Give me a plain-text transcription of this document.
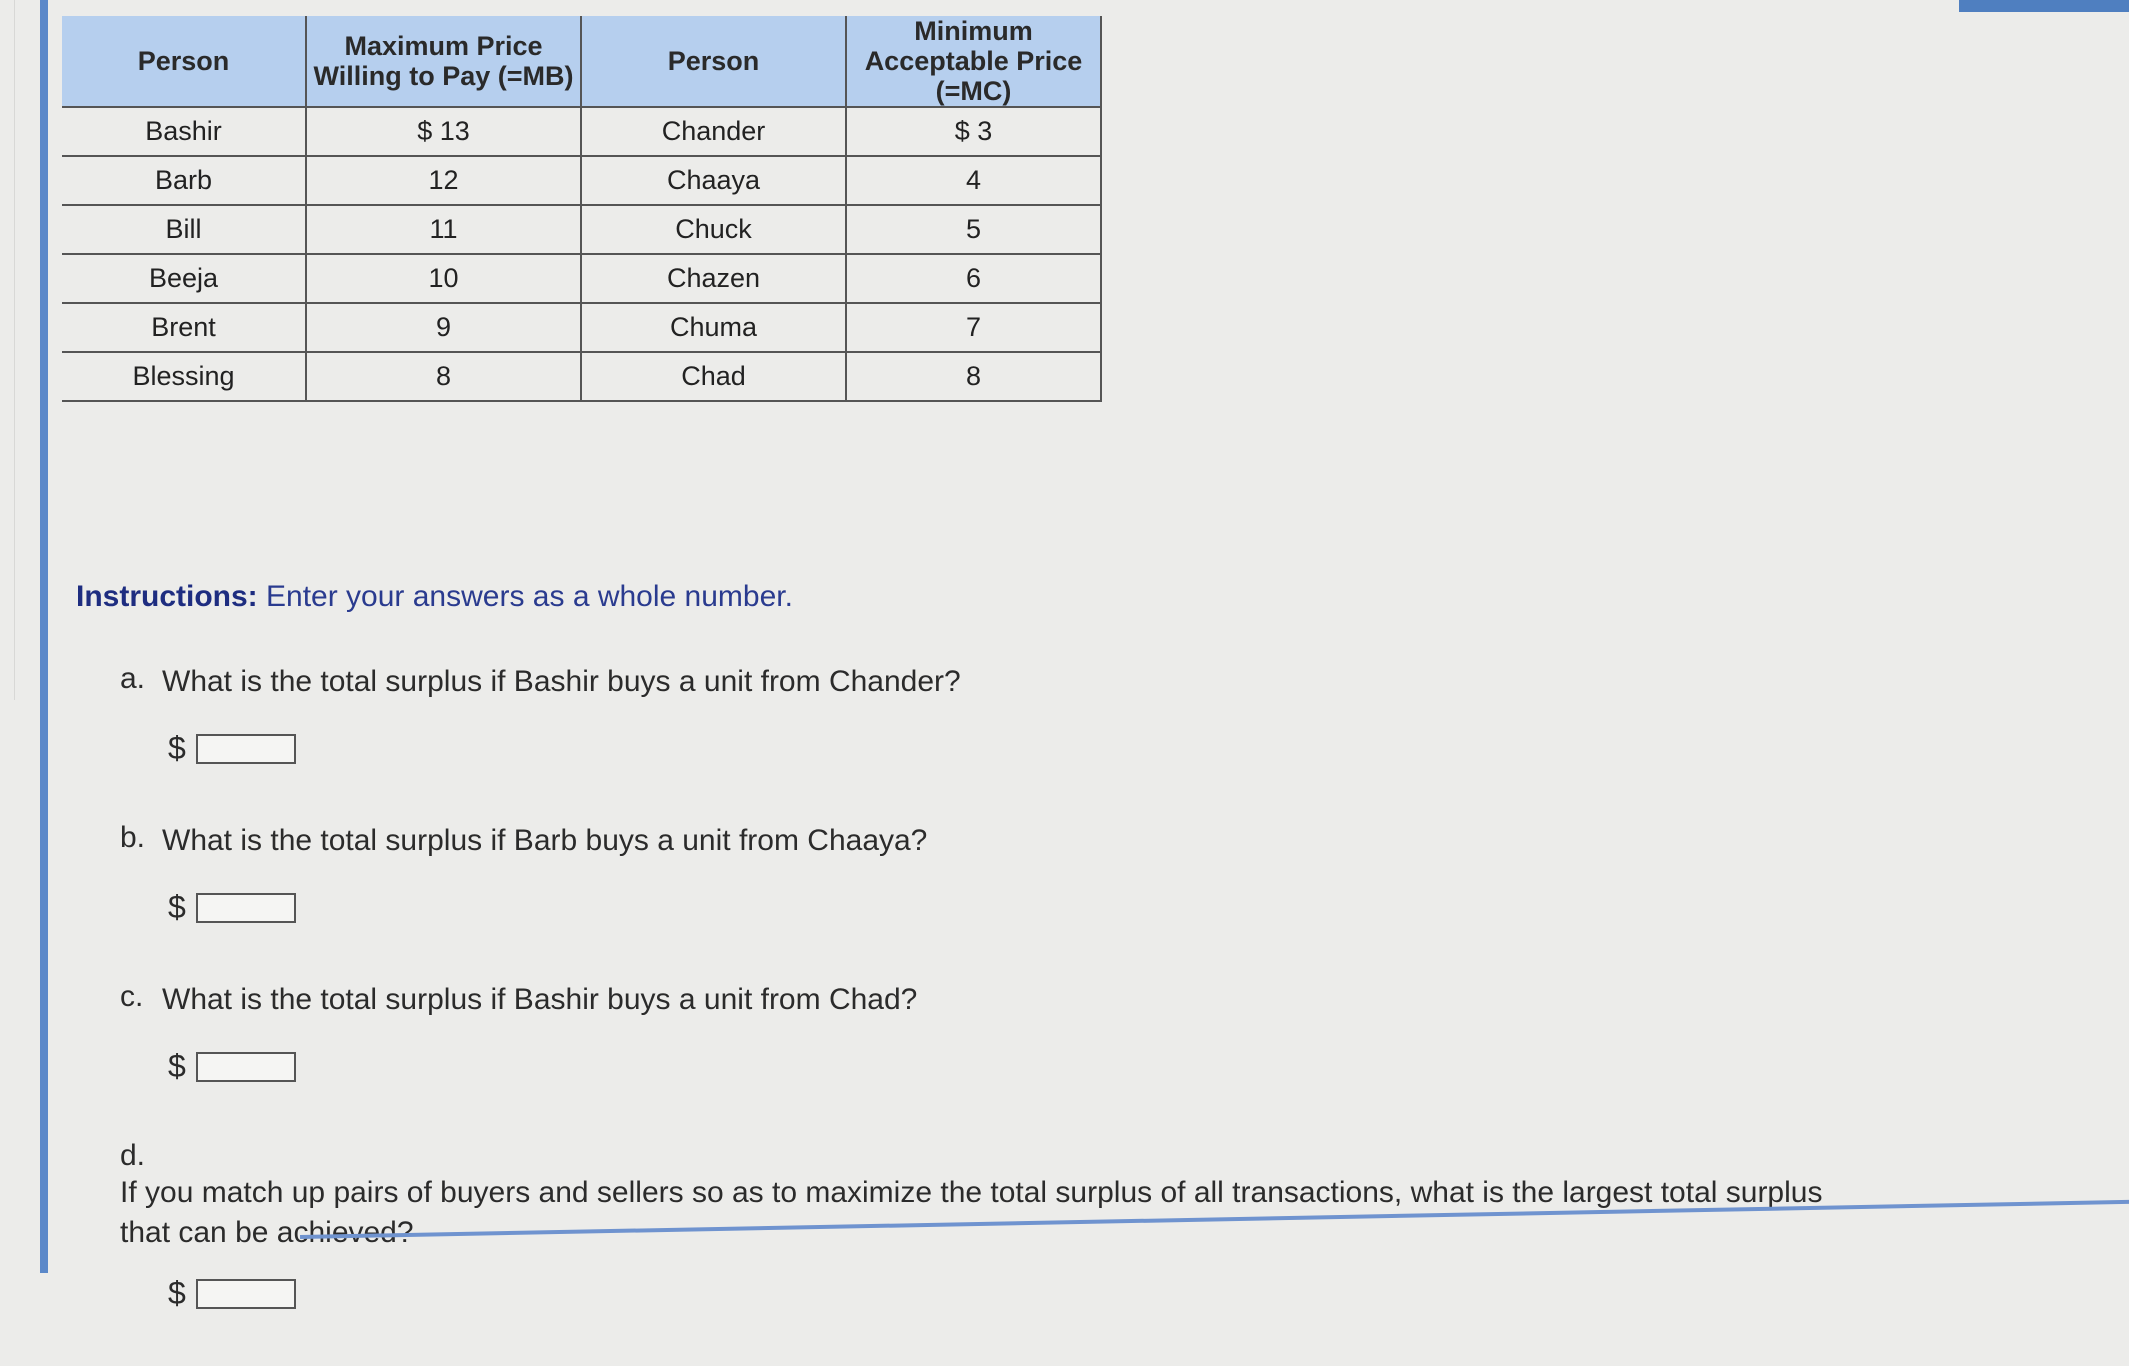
Person	Maximum Price Willing to Pay (=MB)	Person	Minimum Acceptable Price (=MC)
Bashir	$ 13	Chander	$ 3
Barb	12	Chaaya	4
Bill	11	Chuck	5
Beeja	10	Chazen	6
Brent	9	Chuma	7
Blessing	8	Chad	8
Instructions: Enter your answers as a whole number.
a. What is the total surplus if Bashir buys a unit from Chander?
$
b. What is the total surplus if Barb buys a unit from Chaaya?
$
c. What is the total surplus if Bashir buys a unit from Chad?
$
d.If you match up pairs of buyers and sellers so as to maximize the total surplus of all transactions, what is the largest total surplus that can be achieved?
$
